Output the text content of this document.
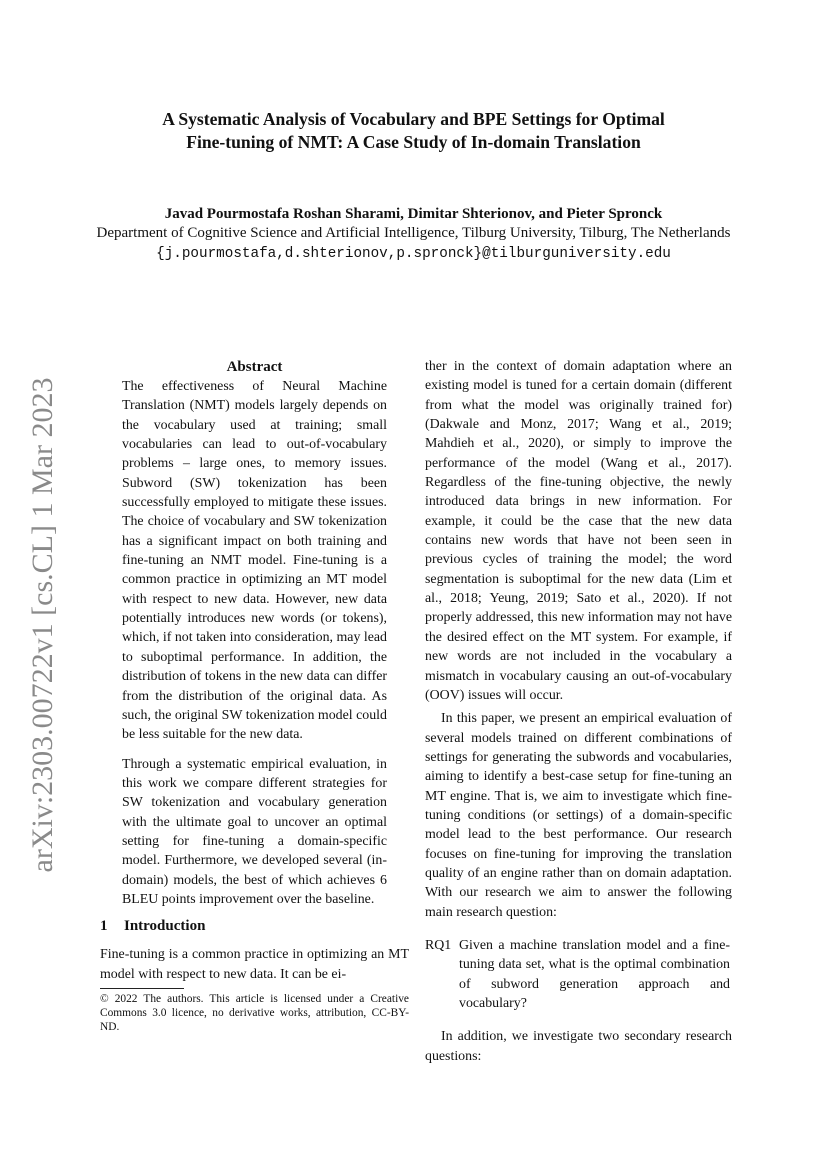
A Systematic Analysis of Vocabulary and BPE Settings for Optimal
Fine-tuning of NMT: A Case Study of In-domain Translation
Javad Pourmostafa Roshan Sharami, Dimitar Shterionov, and Pieter Spronck
Department of Cognitive Science and Artificial Intelligence, Tilburg University, Tilburg, The Netherlands
{j.pourmostafa,d.shterionov,p.spronck}@tilburguniversity.edu
arXiv:2303.00722v1 [cs.CL] 1 Mar 2023
Abstract

The effectiveness of Neural Machine Translation (NMT) models largely depends on the vocabulary used at training; small vocabularies can lead to out-of-vocabulary problems – large ones, to memory issues. Subword (SW) tokenization has been successfully employed to mitigate these issues. The choice of vocabulary and SW tokenization has a significant impact on both training and fine-tuning an NMT model. Fine-tuning is a common practice in optimizing an MT model with respect to new data. However, new data potentially introduces new words (or tokens), which, if not taken into consideration, may lead to suboptimal performance. In addition, the distribution of tokens in the new data can differ from the distribution of the original data. As such, the original SW tokenization model could be less suitable for the new data.

Through a systematic empirical evaluation, in this work we compare different strategies for SW tokenization and vocabulary generation with the ultimate goal to uncover an optimal setting for fine-tuning a domain-specific model. Furthermore, we developed several (in-domain) models, the best of which achieves 6 BLEU points improvement over the baseline.

1 Introduction

Fine-tuning is a common practice in optimizing an MT model with respect to new data. It can be ei-

© 2022 The authors. This article is licensed under a Creative Commons 3.0 licence, no derivative works, attribution, CC-BY-ND.

ther in the context of domain adaptation where an existing model is tuned for a certain domain (different from what the model was originally trained for) (Dakwale and Monz, 2017; Wang et al., 2019; Mahdieh et al., 2020), or simply to improve the performance of the model (Wang et al., 2017). Regardless of the fine-tuning objective, the newly introduced data brings in new information. For example, it could be the case that the new data contains new words that have not been seen in previous cycles of training the model; the word segmentation is suboptimal for the new data (Lim et al., 2018; Yeung, 2019; Sato et al., 2020). If not properly addressed, this new information may not have the desired effect on the MT system. For example, if new words are not included in the vocabulary a mismatch in vocabulary causing an out-of-vocabulary (OOV) issues will occur.

In this paper, we present an empirical evaluation of several models trained on different combinations of settings for generating the subwords and vocabularies, aiming to identify a best-case setup for fine-tuning an MT engine. That is, we aim to investigate which fine-tuning conditions (or settings) of a domain-specific model lead to the best performance. Our research focuses on fine-tuning for improving the translation quality of an engine rather than on domain adaptation. With our research we aim to answer the following main research question:

RQ1 Given a machine translation model and a fine-tuning data set, what is the optimal combination of subword generation approach and vocabulary?

In addition, we investigate two secondary research questions:
